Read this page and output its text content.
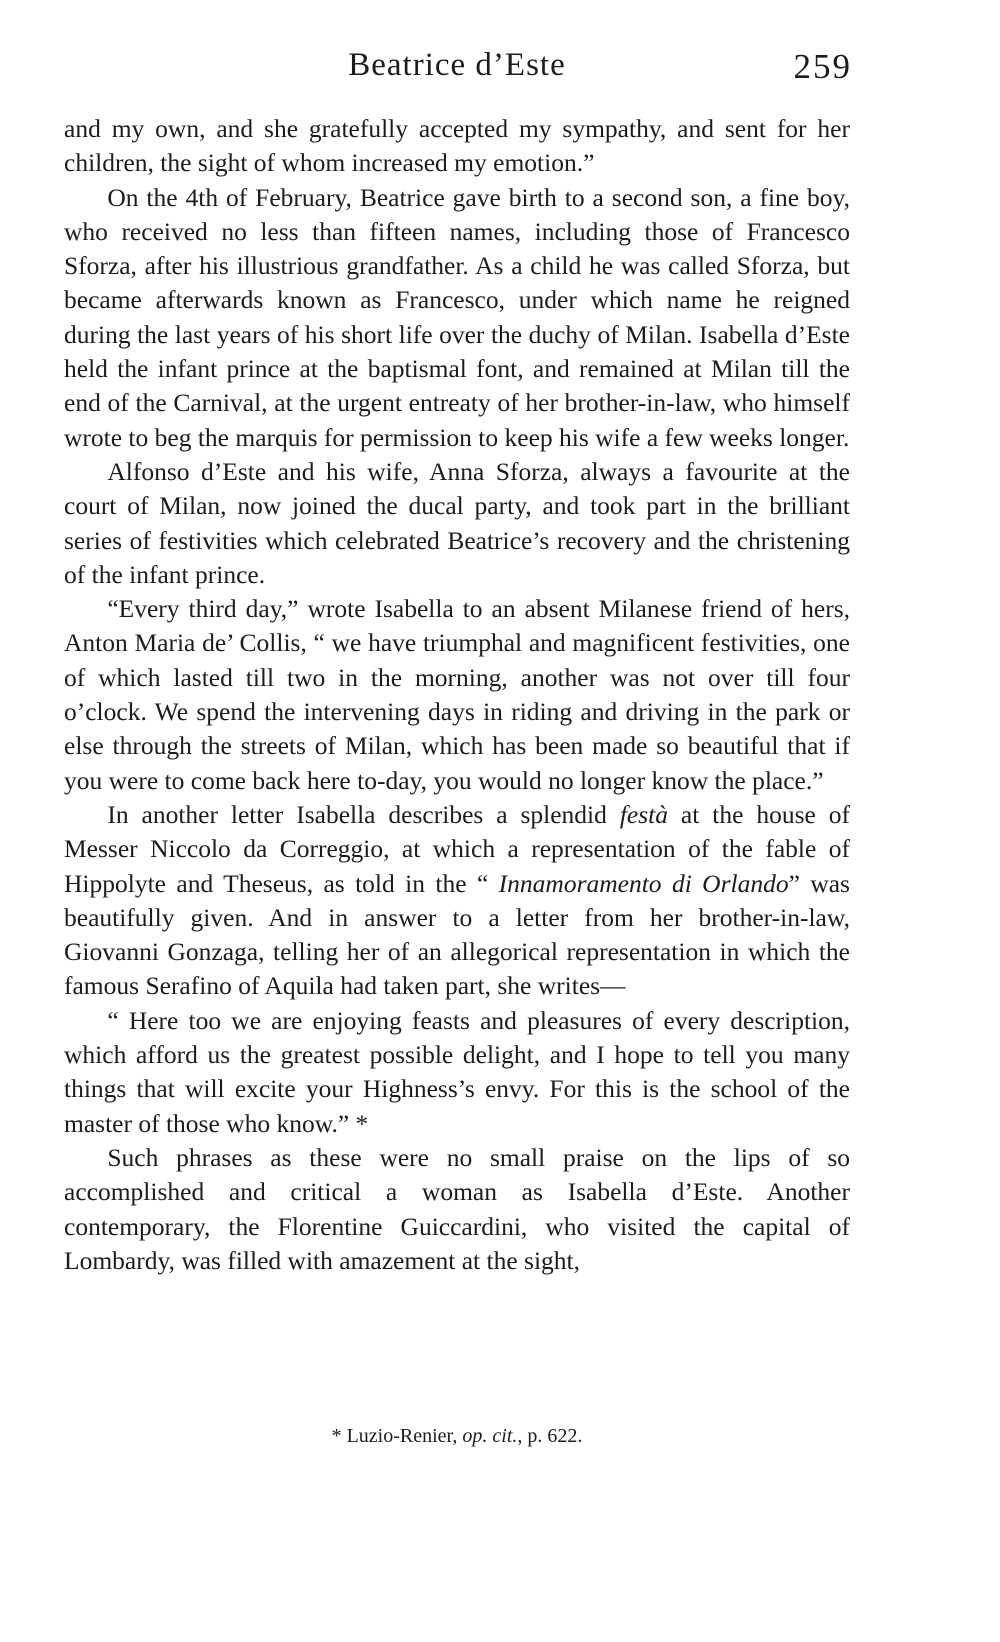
Beatrice d’Este	259

and my own, and she gratefully accepted my sympathy, and sent for her children, the sight of whom increased my emotion.”

On the 4th of February, Beatrice gave birth to a second son, a fine boy, who received no less than fifteen names, including those of Francesco Sforza, after his illustrious grandfather. As a child he was called Sforza, but became afterwards known as Francesco, under which name he reigned during the last years of his short life over the duchy of Milan. Isabella d’Este held the infant prince at the baptismal font, and remained at Milan till the end of the Carnival, at the urgent entreaty of her brother-in-law, who himself wrote to beg the marquis for permission to keep his wife a few weeks longer.

Alfonso d’Este and his wife, Anna Sforza, always a favourite at the court of Milan, now joined the ducal party, and took part in the brilliant series of festivities which celebrated Beatrice’s recovery and the christening of the infant prince.

“Every third day,” wrote Isabella to an absent Milanese friend of hers, Anton Maria de’ Collis, “ we have triumphal and magnificent festivities, one of which lasted till two in the morning, another was not over till four o’clock. We spend the intervening days in riding and driving in the park or else through the streets of Milan, which has been made so beautiful that if you were to come back here to-day, you would no longer know the place.”

In another letter Isabella describes a splendid festà at the house of Messer Niccolo da Correggio, at which a representation of the fable of Hippolyte and Theseus, as told in the “ Innamoramento di Orlando” was beautifully given. And in answer to a letter from her brother-in-law, Giovanni Gonzaga, telling her of an allegorical representation in which the famous Serafino of Aquila had taken part, she writes—

“ Here too we are enjoying feasts and pleasures of every description, which afford us the greatest possible delight, and I hope to tell you many things that will excite your Highness’s envy. For this is the school of the master of those who know.” *

Such phrases as these were no small praise on the lips of so accomplished and critical a woman as Isabella d’Este. Another contemporary, the Florentine Guiccardini, who visited the capital of Lombardy, was filled with amazement at the sight,

* Luzio-Renier, op. cit., p. 622.
